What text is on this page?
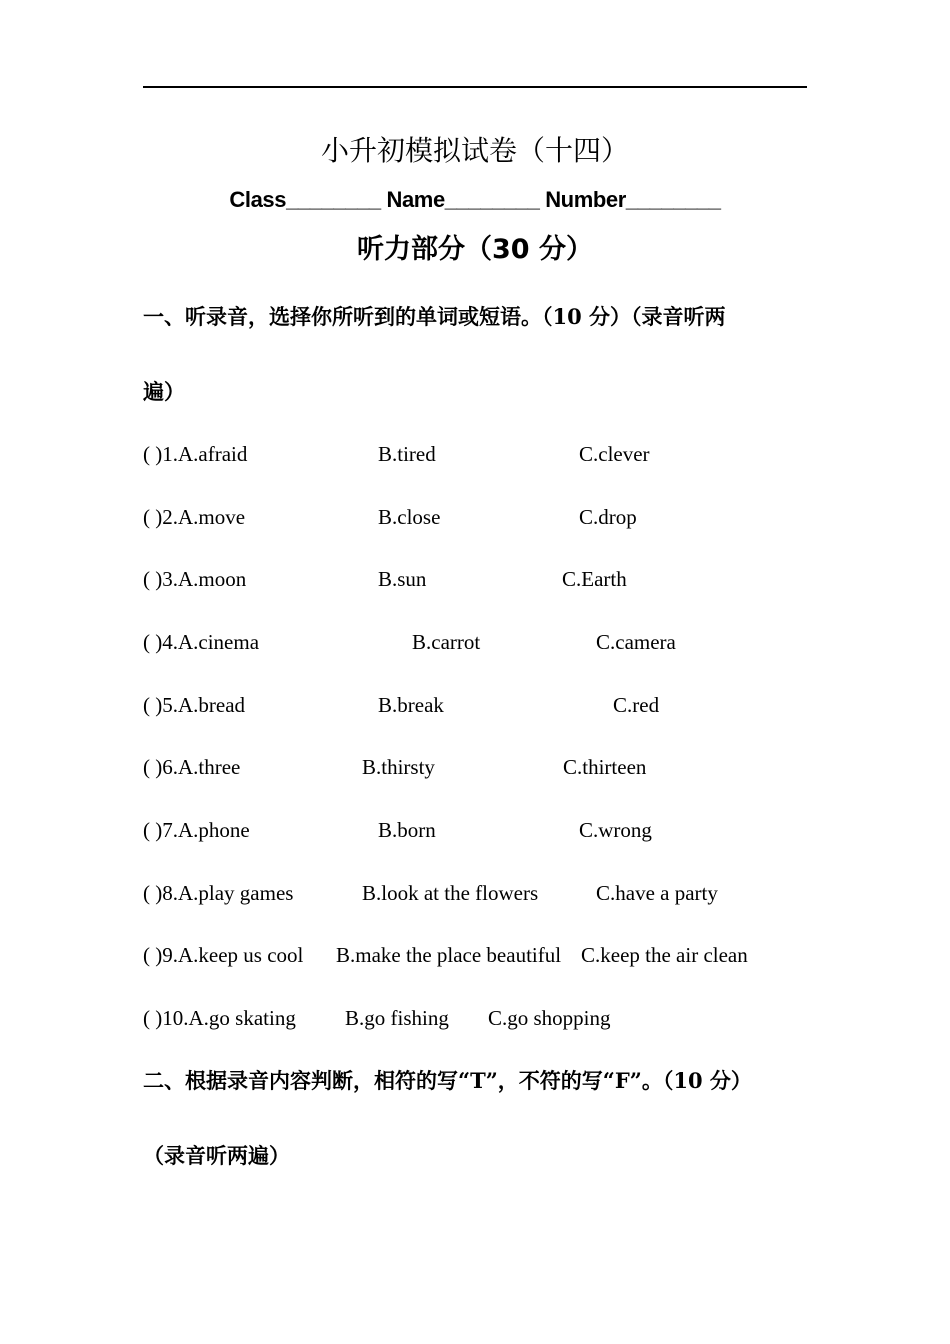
小升初模拟试卷（十四）
Class________ Name________ Number________
听力部分（30 分）
一、听录音，选择你所听到的单词或短语。（10 分）（录音听两
遍）
( )1.A.afraid	B.tired	C.clever
( )2.A.move	B.close	C.drop
( )3.A.moon	B.sun	C.Earth
( )4.A.cinema	B.carrot	C.camera
( )5.A.bread	B.break	C.red
( )6.A.three	B.thirsty	C.thirteen
( )7.A.phone	B.born	C.wrong
( )8.A.play games	B.look at the flowers	C.have a party
( )9.A.keep us cool B.make the place beautiful C.keep the air clean
( )10.A.go skating B.go fishing C.go shopping
二、根据录音内容判断，相符的写“T”，不符的写“F”。（10 分）
（录音听两遍）
